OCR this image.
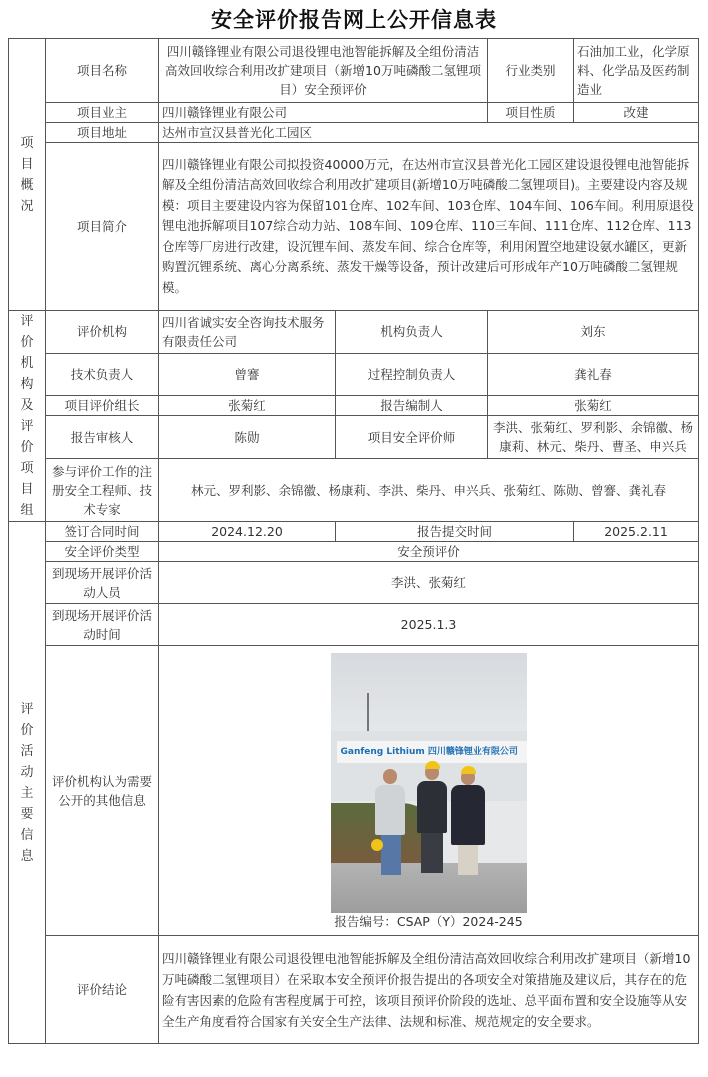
安全评价报告网上公开信息表
项目概况	项目名称	四川赣锋锂业有限公司退役锂电池智能拆解及全组份清洁高效回收综合利用改扩建项目（新增10万吨磷酸二氢锂项目）安全预评价		行业类别	石油加工业，化学原料、化学品及医药制造业
	项目业主	四川赣锋锂业有限公司		项目性质	改建
	项目地址	达州市宣汉县普光化工园区			
	项目简介	四川赣锋锂业有限公司拟投资40000万元，在达州市宣汉县普光化工园区建设退役锂电池智能拆解及全组份清洁高效回收综合利用改扩建项目(新增10万吨磷酸二氢锂项目)。主要建设内容及规模：项目主要建设内容为保留101仓库、102车间、103仓库、104车间、106车间。利用原退役锂电池拆解项目107综合动力站、108车间、109仓库、110三车间、111仓库、112仓库、113仓库等厂房进行改建，设沉锂车间、蒸发车间、综合仓库等，利用闲置空地建设氨水罐区，更新购置沉锂系统、离心分离系统、蒸发干燥等设备，预计改建后可形成年产10万吨磷酸二氢锂规模。			
评价机构及评价项目组	评价机构	四川省诚实安全咨询技术服务有限责任公司	机构负责人	刘东	
	技术负责人	曾謇	过程控制负责人	龚礼春	
	项目评价组长	张菊红	报告编制人	张菊红	
	报告审核人	陈勋	项目安全评价师	李洪、张菊红、罗利影、余锦徽、杨康莉、林元、柴丹、曹圣、申兴兵	
	参与评价工作的注册安全工程师、技术专家	林元、罗利影、余锦徽、杨康莉、李洪、柴丹、申兴兵、张菊红、陈勋、曾謇、龚礼春			
评价活动主要信息	签订合同时间	2024.12.20	报告提交时间		2025.2.11
	安全评价类型	安全预评价			
	到现场开展评价活动人员	李洪、张菊红			
	到现场开展评价活动时间	2025.1.3			
	评价机构认为需要公开的其他信息	Ganfeng Lithium 四川赣锋锂业有限公司
报告编号：CSAP（Y）2024-245			

	评价结论	四川赣锋锂业有限公司退役锂电池智能拆解及全组份清洁高效回收综合利用改扩建项目（新增10万吨磷酸二氢锂项目）在采取本安全预评价报告提出的各项安全对策措施及建议后，其存在的危险有害因素的危险有害程度属于可控，该项目预评价阶段的选址、总平面布置和安全设施等从安全生产角度看符合国家有关安全生产法律、法规和标准、规范规定的安全要求。			
